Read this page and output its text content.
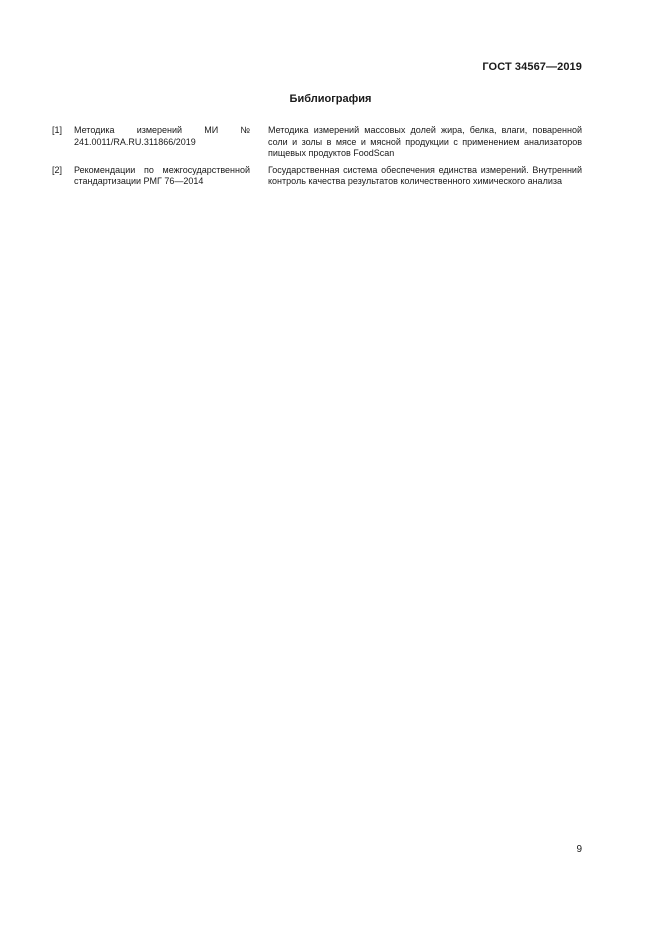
ГОСТ 34567—2019
Библиография
[1]	Методика измерений МИ № 241.0011/RA.RU.311866/2019
Методика измерений массовых долей жира, белка, влаги, поваренной соли и золы в мясе и мясной продукции с применением анализаторов пищевых продуктов FoodScan
[2]	Рекомендации по межгосударственной стандартизации РМГ 76—2014
Государственная система обеспечения единства измерений. Внутренний контроль качества результатов количественного химического анализа
9
